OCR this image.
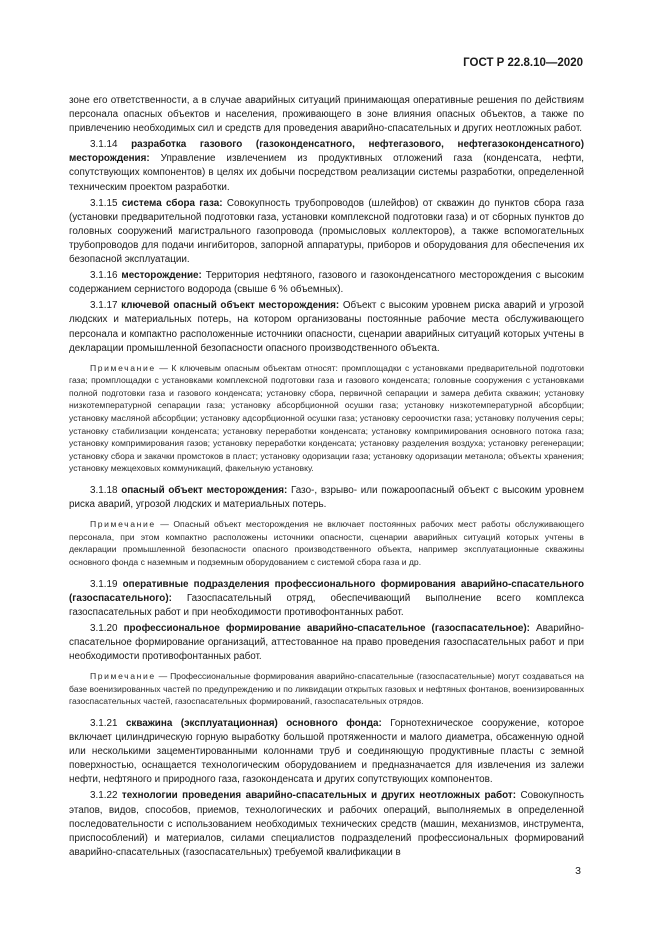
ГОСТ Р 22.8.10—2020

зоне его ответственности, а в случае аварийных ситуаций принимающая оперативные решения по действиям персонала опасных объектов и населения, проживающего в зоне влияния опасных объектов, а также по привлечению необходимых сил и средств для проведения аварийно-спасательных и других неотложных работ.

3.1.14 разработка газового (газоконденсатного, нефтегазового, нефтегазоконденсатного) месторождения: Управление извлечением из продуктивных отложений газа (конденсата, нефти, сопутствующих компонентов) в целях их добычи посредством реализации системы разработки, определенной техническим проектом разработки.

3.1.15 система сбора газа: Совокупность трубопроводов (шлейфов) от скважин до пунктов сбора газа (установки предварительной подготовки газа, установки комплексной подготовки газа) и от сборных пунктов до головных сооружений магистрального газопровода (промысловых коллекторов), а также вспомогательных трубопроводов для подачи ингибиторов, запорной аппаратуры, приборов и оборудования для обеспечения их безопасной эксплуатации.

3.1.16 месторождение: Территория нефтяного, газового и газоконденсатного месторождения с высоким содержанием сернистого водорода (свыше 6 % объемных).

3.1.17 ключевой опасный объект месторождения: Объект с высоким уровнем риска аварий и угрозой людских и материальных потерь, на котором организованы постоянные рабочие места обслуживающего персонала и компактно расположенные источники опасности, сценарии аварийных ситуаций которых учтены в декларации промышленной безопасности опасного производственного объекта.

Примечание — К ключевым опасным объектам относят: промплощадки с установками предварительной подготовки газа; промплощадки с установками комплексной подготовки газа и газового конденсата; головные сооружения с установками полной подготовки газа и газового конденсата; установку сбора, первичной сепарации и замера дебита скважин; установку низкотемпературной сепарации газа; установку абсорбционной осушки газа; установку низкотемпературной абсорбции; установку масляной абсорбции; установку адсорбционной осушки газа; установку сероочистки газа; установку получения серы; установку стабилизации конденсата; установку переработки конденсата; установку компримирования основного потока газа; установку компримирования газов; установку переработки конденсата; установку разделения воздуха; установку регенерации; установку сбора и закачки промстоков в пласт; установку одоризации газа; установку одоризации метанола; объекты хранения; установку межцеховых коммуникаций, факельную установку.

3.1.18 опасный объект месторождения: Газо-, взрыво- или пожароопасный объект с высоким уровнем риска аварий, угрозой людских и материальных потерь.

Примечание — Опасный объект месторождения не включает постоянных рабочих мест работы обслуживающего персонала, при этом компактно расположены источники опасности, сценарии аварийных ситуаций которых учтены в декларации промышленной безопасности опасного производственного объекта, например эксплуатационные скважины основного фонда с наземным и подземным оборудованием с системой сбора газа и др.

3.1.19 оперативные подразделения профессионального формирования аварийно-спасательного (газоспасательного): Газоспасательный отряд, обеспечивающий выполнение всего комплекса газоспасательных работ и при необходимости противофонтанных работ.

3.1.20 профессиональное формирование аварийно-спасательное (газоспасательное): Аварийно-спасательное формирование организаций, аттестованное на право проведения газоспасательных работ и при необходимости противофонтанных работ.

Примечание — Профессиональные формирования аварийно-спасательные (газоспасательные) могут создаваться на базе военизированных частей по предупреждению и по ликвидации открытых газовых и нефтяных фонтанов, военизированных газоспасательных частей, газоспасательных формирований, газоспасательных отрядов.

3.1.21 скважина (эксплуатационная) основного фонда: Горнотехническое сооружение, которое включает цилиндрическую горную выработку большой протяженности и малого диаметра, обсаженную одной или несколькими зацементированными колоннами труб и соединяющую продуктивные пласты с земной поверхностью, оснащается технологическим оборудованием и предназначается для извлечения из залежи нефти, нефтяного и природного газа, газоконденсата и других сопутствующих компонентов.

3.1.22 технологии проведения аварийно-спасательных и других неотложных работ: Совокупность этапов, видов, способов, приемов, технологических и рабочих операций, выполняемых в определенной последовательности с использованием необходимых технических средств (машин, механизмов, инструмента, приспособлений) и материалов, силами специалистов подразделений профессиональных формирований аварийно-спасательных (газоспасательных) требуемой квалификации в

3
